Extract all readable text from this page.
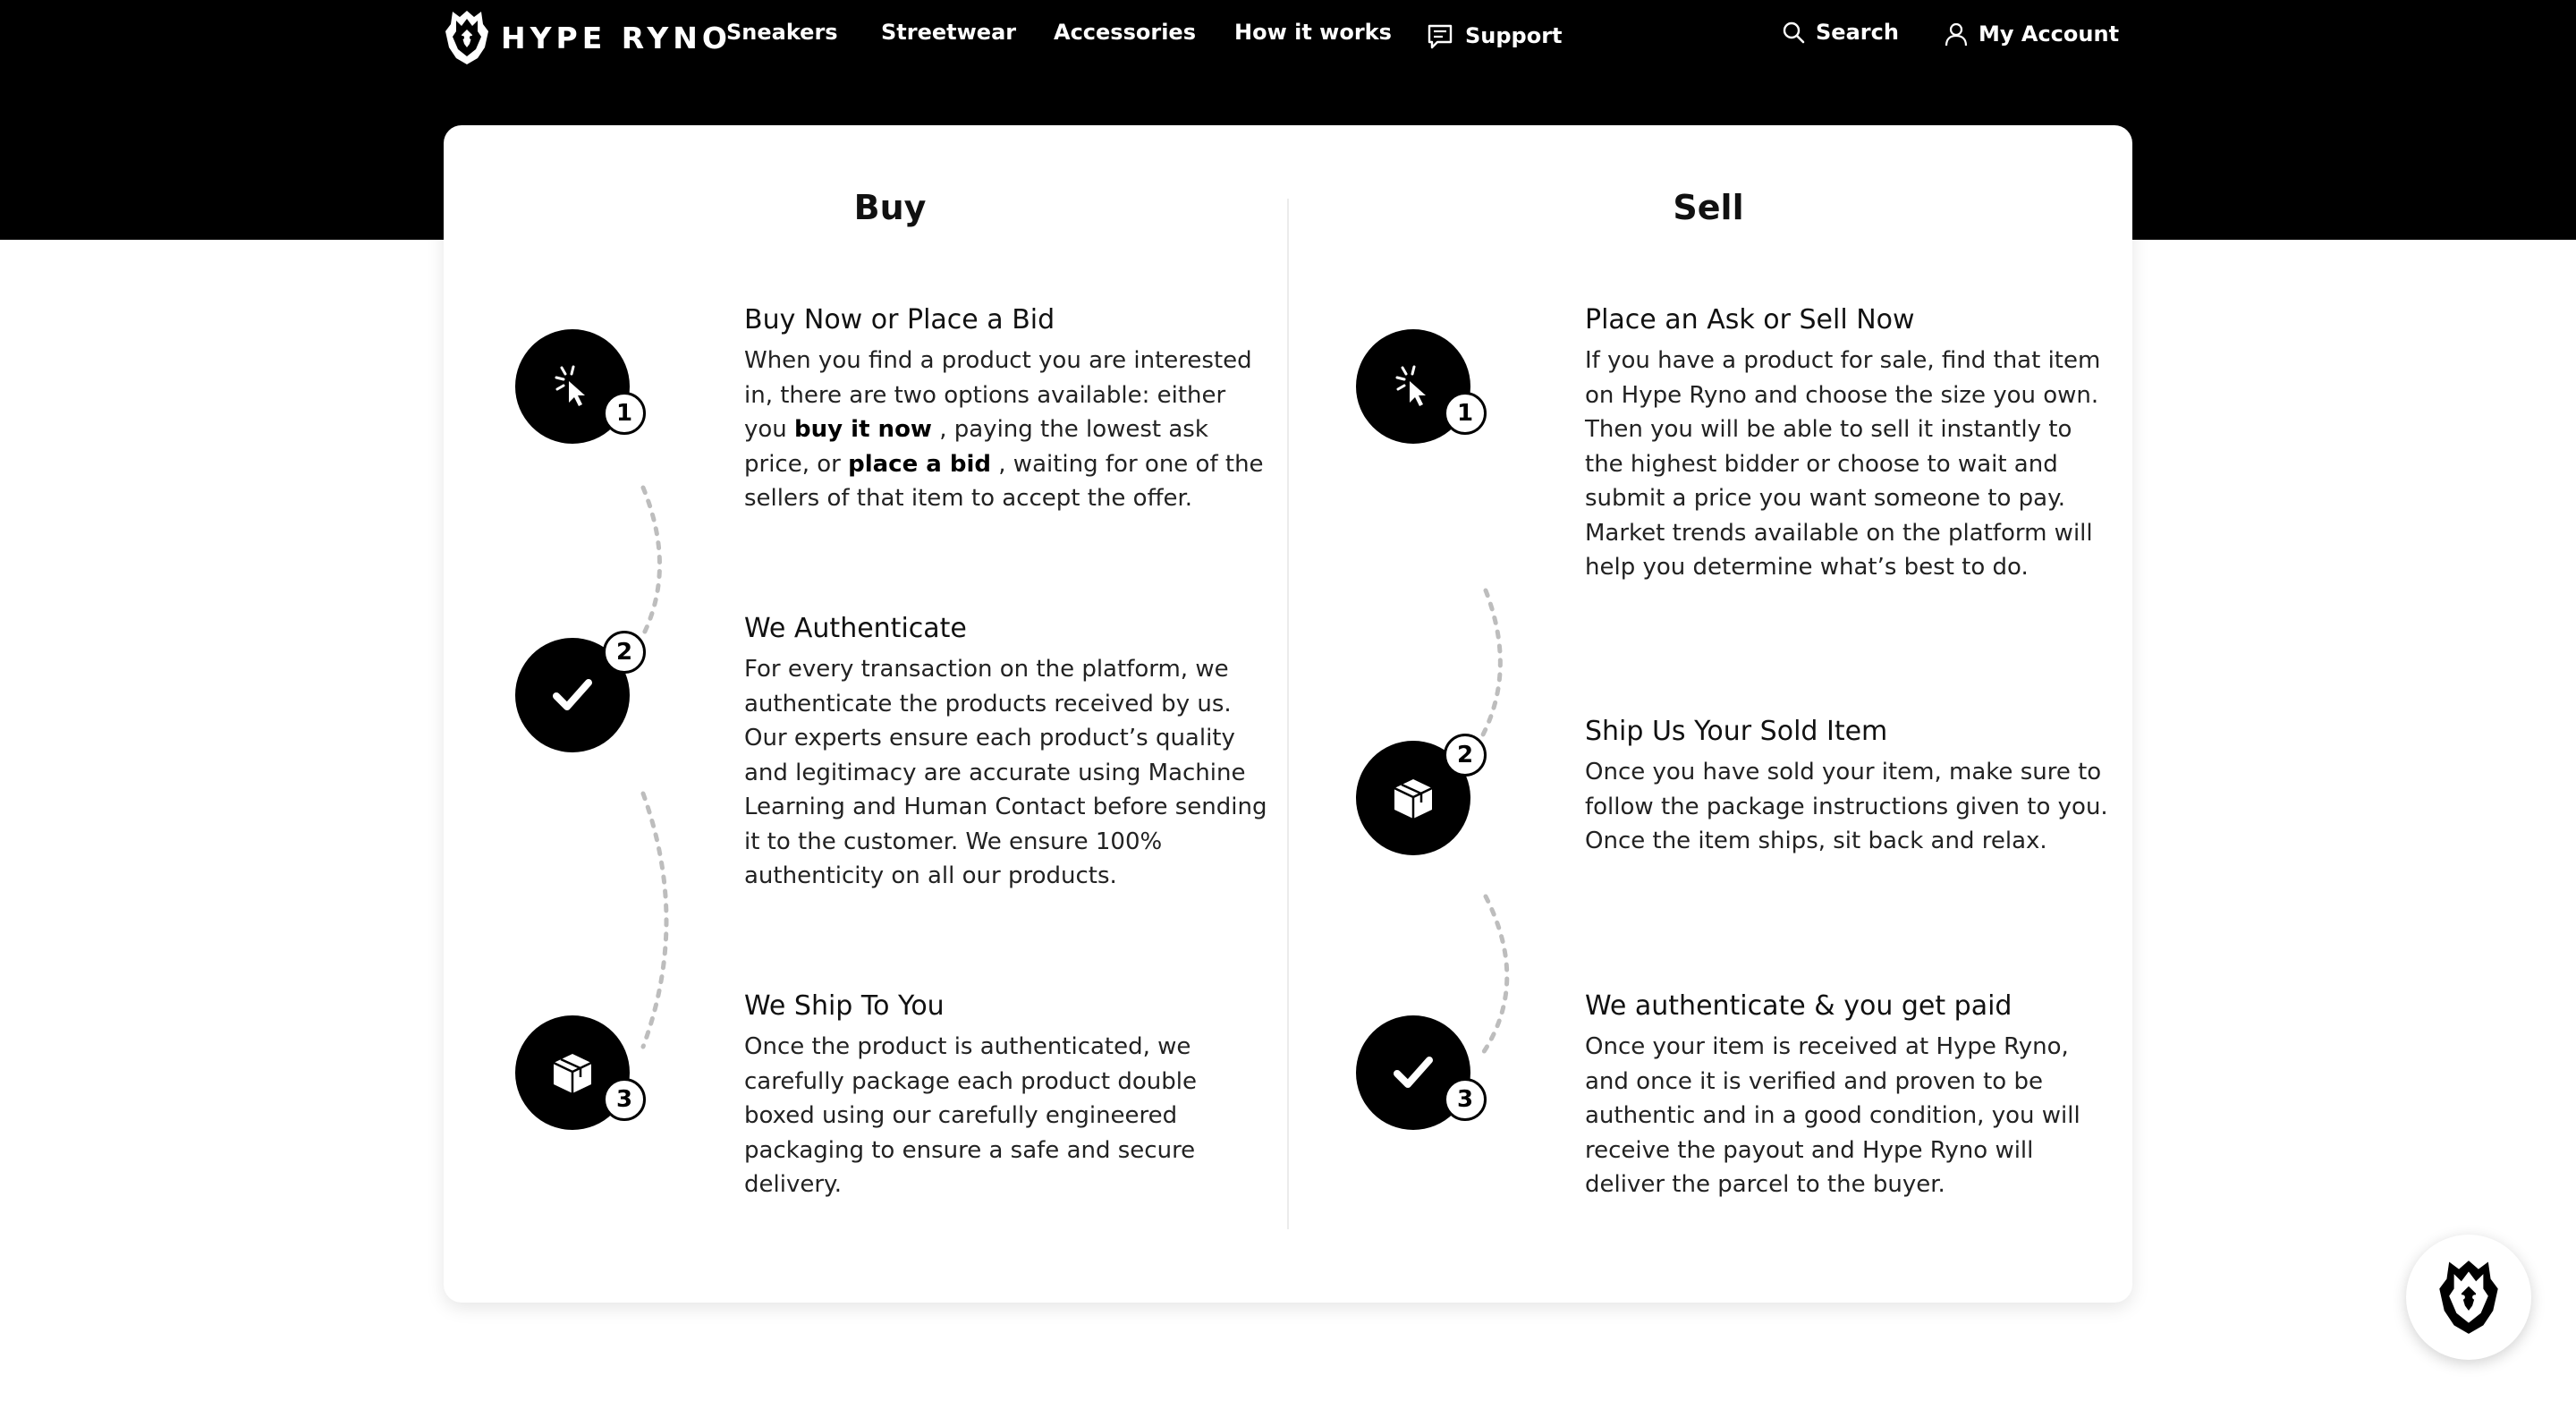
HYPE RYNO
Sneakers Streetwear Accessories How it works	Support	Search	My Account
Buy	Sell
1
Buy Now or Place a Bid

When you find a product you are interested in, there are two options available: either you buy it now , paying the lowest ask price, or place a bid , waiting for one of the sellers of that item to accept the offer.

2
We Authenticate

For every transaction on the platform, we authenticate the products received by us. Our experts ensure each product’s quality and legitimacy are accurate using Machine Learning and Human Contact before sending it to the customer. We ensure 100% authenticity on all our products.

3
We Ship To You

Once the product is authenticated, we carefully package each product double boxed using our carefully engineered packaging to ensure a safe and secure delivery.

1
Place an Ask or Sell Now

If you have a product for sale, find that item on Hype Ryno and choose the size you own. Then you will be able to sell it instantly to the highest bidder or choose to wait and submit a price you want someone to pay. Market trends available on the platform will help you determine what’s best to do.

2
Ship Us Your Sold Item

Once you have sold your item, make sure to follow the package instructions given to you. Once the item ships, sit back and relax.

3
We authenticate & you get paid

Once your item is received at Hype Ryno, and once it is verified and proven to be authentic and in a good condition, you will receive the payout and Hype Ryno will deliver the parcel to the buyer.
